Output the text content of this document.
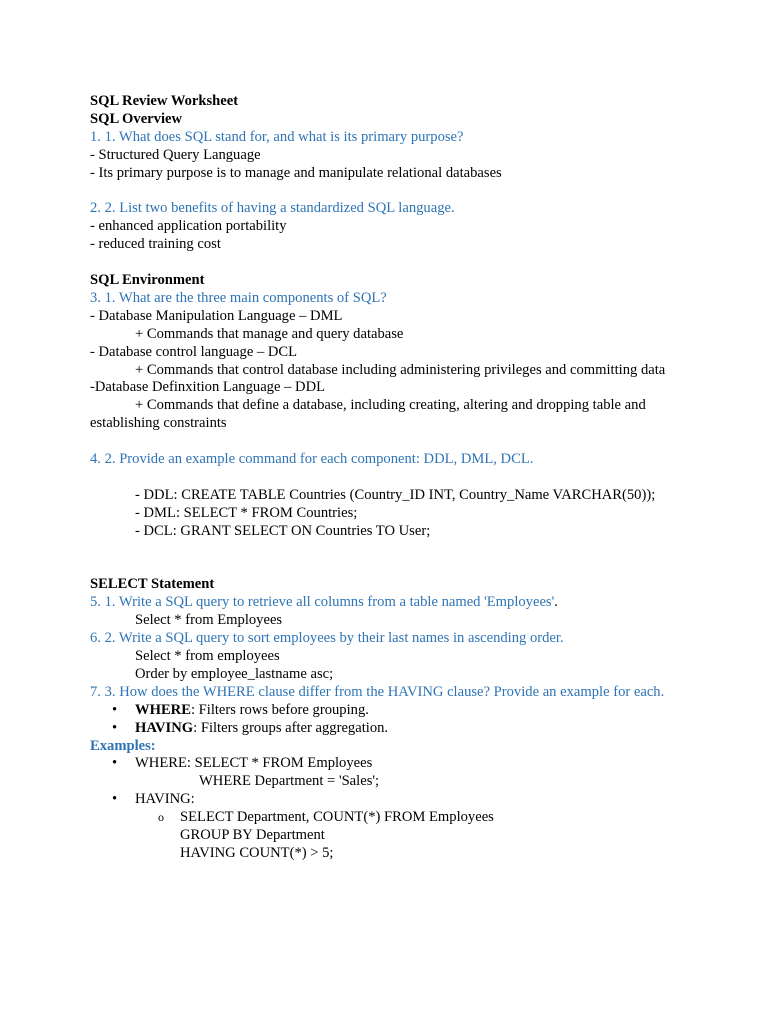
SQL Review Worksheet

SQL Overview

1. 1. What does SQL stand for, and what is its primary purpose?

- Structured Query Language

- Its primary purpose is to manage and manipulate relational databases

2. 2. List two benefits of having a standardized SQL language.

- enhanced application portability

- reduced training cost

SQL Environment

3. 1. What are the three main components of SQL?

- Database Manipulation Language – DML

+ Commands that manage and query database

- Database control language – DCL

+ Commands that control database including administering privileges and committing data

-Database Definxition Language – DDL

+ Commands that define a database, including creating, altering and dropping table and establishing constraints

4. 2. Provide an example command for each component: DDL, DML, DCL.

- DDL: CREATE TABLE Countries (Country_ID INT, Country_Name VARCHAR(50));

- DML: SELECT * FROM Countries;

- DCL: GRANT SELECT ON Countries TO User;

SELECT Statement

5. 1. Write a SQL query to retrieve all columns from a table named 'Employees'.

Select * from Employees

6. 2. Write a SQL query to sort employees by their last names in ascending order.

Select * from employees

Order by employee_lastname asc;

7. 3. How does the WHERE clause differ from the HAVING clause? Provide an example for each.

• WHERE: Filters rows before grouping.

• HAVING: Filters groups after aggregation.

Examples:

• WHERE: SELECT * FROM Employees

WHERE Department = 'Sales';

• HAVING:

o SELECT Department, COUNT(*) FROM Employees

GROUP BY Department

HAVING COUNT(*) > 5;
